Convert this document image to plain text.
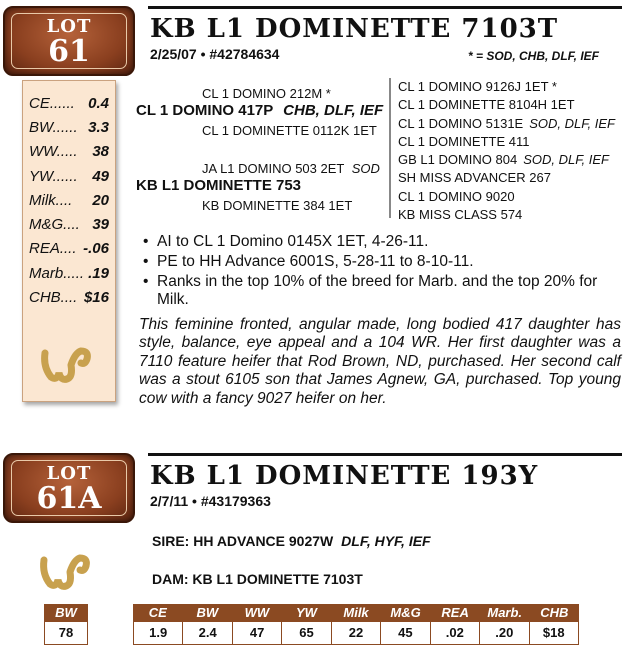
CE...... 0.4
BW...... 3.3
WW..... 38
YW...... 49
Milk.... 20
M&G.... 39
REA.... -.06
Marb..... .19
CHB.... $16
LOT
61
KB L1 DOMINETTE 7103T
2/25/07 • #42784634	* = SOD, CHB, DLF, IEF
CL 1 DOMINO 212M *
CL 1 DOMINO 417P CHB, DLF, IEF
CL 1 DOMINETTE 0112K 1ET
JA L1 DOMINO 503 2ET SOD
KB L1 DOMINETTE 753
KB DOMINETTE 384 1ET
CL 1 DOMINO 9126J 1ET *
CL 1 DOMINETTE 8104H 1ET
CL 1 DOMINO 5131E SOD, DLF, IEF
CL 1 DOMINETTE 411
GB L1 DOMINO 804 SOD, DLF, IEF
SH MISS ADVANCER 267
CL 1 DOMINO 9020
KB MISS CLASS 574
• AI to CL 1 Domino 0145X 1ET, 4-26-11.
• PE to HH Advance 6001S, 5-28-11 to 8-10-11.
• Ranks in the top 10% of the breed for Marb. and the top 20% for Milk.
This feminine fronted, angular made, long bodied 417 daughter has style, balance, eye appeal and a 104 WR. Her first daughter was a 7110 feature heifer that Rod Brown, ND, purchased. Her second calf was a stout 6105 son that James Agnew, GA, purchased. Top young cow with a fancy 9027 heifer on her.
LOT
61A
KB L1 DOMINETTE 193Y
2/7/11 • #43179363
SIRE: HH ADVANCE 9027W DLF, HYF, IEF
DAM: KB L1 DOMINETTE 7103T
BW
78
CE	BW	WW	YW	Milk	M&G	REA	Marb.	CHB
1.9	2.4	47	65	22	45	.02	.20	$18
